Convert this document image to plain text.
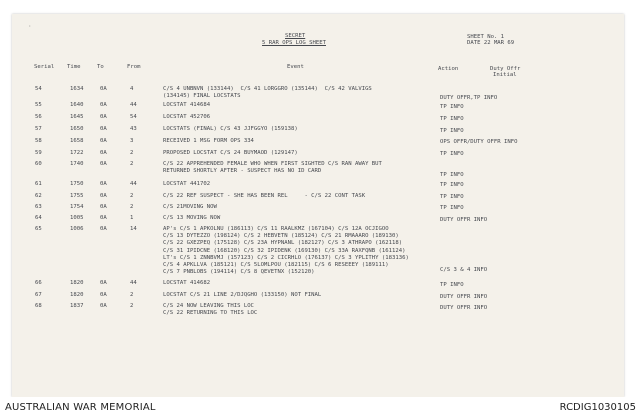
·
SECRET
5 RAR OPS LOG SHEET
SHEET No. 1
DATE 22 MAR 69
Serial Time	To	From	Event	Action	Duty Offr
Initial
54	1634	0A	4	C/S 4 UNBNVN (133144)  C/S 41 LORGGRO (135144)  C/S 42 VALVIGS
(134145) FINAL LOCSTATS	DUTY OFFR,TP INFO
55	1640	0A	44	LOCSTAT 414684	TP INFO
56	1645	0A	54	LOCSTAT 452706	TP INFO
57	1650	0A	43	LOCSTATS (FINAL) C/S 43 JJFGGYO (159138)	TP INFO
58	1658	0A	3	RECEIVED 1 MSG FORM OPS 334	OPS OFFR/DUTY OFFR INFO
59	1722	0A	2	PROPOSED LOCSTAT C/S 24 BUYMAOD (129147)	TP INFO
60	1740	0A	2	C/S 22 APPREHENDED FEMALE WHO WHEN FIRST SIGHTED C/S RAN AWAY BUT
RETURNED SHORTLY AFTER - SUSPECT HAS NO ID CARD
TP INFO
61	1750	0A	44	LOCSTAT 441702	TP INFO
62	1755	0A	2	C/S 22 REF SUSPECT - SHE HAS BEEN REL     - C/S 22 CONT TASK	TP INFO
63	1754	0A	2	C/S 21MOVING NOW	TP INFO
64	1005	0A	1	C/S 13 MOVING NOW	DUTY OFFR INFO
65	1006	0A	14	AP's C/S 1 APKOLNU (186113) C/S 11 RAALKMZ (167104) C/S 12A OCJIGOO
C/S 13 DYTEZZO (198124) C/S 2 HEBVETN (185124) C/S 21 RMAAARO (189130)
C/S 22 GXEZPEQ (175128) C/S 23A HYPNANL (182127) C/S 3 ATHRAPO (162118)
C/S 31 IPIDCNE (168120) C/S 32 IPIDENK (169130) C/S 33A RAXFQNB (161124)
LT's C/S 1 ZNNBVMJ (157123) C/S 2 CICRHLO (176137) C/S 3 YPLITHY (183136)
C/S 4 APKLLVA (185121) C/S 5LOMLPOU (182115) C/S 6 RESEEEY (189111)
C/S 7 PNBLOBS (194114) C/S 8 QEVETNX (152120)	C/S 3 & 4 INFO
66	1820	0A	44	LOCSTAT 414682	TP INFO
67	1820	0A	2	LOCSTAT C/S 21 LINE 2/DJQGHO (133150) NOT FINAL	DUTY OFFR INFO
68	1837	0A	2	C/S 24 NOW LEAVING THIS LOC
C/S 22 RETURNING TO THIS LOC
DUTY OFFR INFO
AUSTRALIAN WAR MEMORIAL	RCDIG1030105
